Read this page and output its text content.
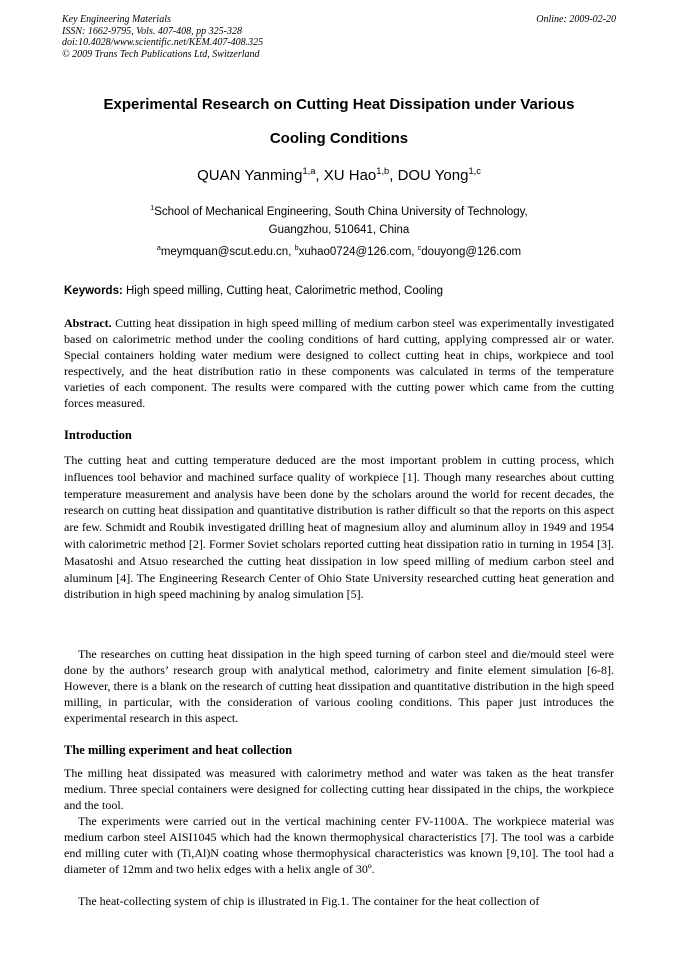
Key Engineering Materials
ISSN: 1662-9795, Vols. 407-408, pp 325-328
doi:10.4028/www.scientific.net/KEM.407-408.325
© 2009 Trans Tech Publications Ltd, Switzerland
Online: 2009-02-20
Experimental Research on Cutting Heat Dissipation under Various
Cooling Conditions
QUAN Yanming$^{1,a}$, XU Hao$^{1,b}$, DOU Yong$^{1,c}$
$^1$School of Mechanical Engineering, South China University of Technology,
Guangzhou, 510641, China
$^a$meymquan@scut.edu.cn, $^b$xuhao0724@126.com, $^c$douyong@126.com
Keywords: High speed milling, Cutting heat, Calorimetric method, Cooling
Abstract. Cutting heat dissipation in high speed milling of medium carbon steel was experimentally investigated based on calorimetric method under the cooling conditions of hard cutting, applying compressed air or water. Special containers holding water medium were designed to collect cutting heat in chips, workpiece and tool respectively, and the heat distribution ratio in these components was calculated in terms of the temperature varieties of each component. The results were compared with the cutting power which came from the cutting forces measured.
Introduction

The cutting heat and cutting temperature deduced are the most important problem in cutting process, which influences tool behavior and machined surface quality of workpiece [1]. Though many researches about cutting temperature measurement and analysis have been done by the scholars around the world for recent decades, the research on cutting heat dissipation and quantitative distribution is rather difficult so that the reports on this aspect are few. Schmidt and Roubik investigated drilling heat of magnesium alloy and aluminum alloy in 1949 and 1954 with calorimetric method [2]. Former Soviet scholars reported cutting heat dissipation ratio in turning in 1954 [3]. Masatoshi and Atsuo researched the cutting heat dissipation in low speed milling of medium carbon steel and aluminum [4]. The Engineering Research Center of Ohio State University researched cutting heat generation and distribution in high speed machining by analog simulation [5].

The researches on cutting heat dissipation in the high speed turning of carbon steel and die/mould steel were done by the authors’ research group with analytical method, calorimetry and finite element simulation [6-8]. However, there is a blank on the research of cutting heat dissipation and quantitative distribution in the high speed milling, in particular, with the consideration of various cooling conditions. This paper just introduces the experimental research in this aspect.

The milling experiment and heat collection

The milling heat dissipated was measured with calorimetry method and water was taken as the heat transfer medium. Three special containers were designed for collecting cutting hear dissipated in the chips, the workpiece and the tool.

The experiments were carried out in the vertical machining center FV-1100A. The workpiece material was medium carbon steel AISI1045 which had the known thermophysical characteristics [7]. The tool was a carbide end milling cuter with (Ti,Al)N coating whose thermophysical characteristics was known [9,10]. The tool had a diameter of 12mm and two helix edges with a helix angle of 30º.

The heat-collecting system of chip is illustrated in Fig.1. The container for the heat collection of
